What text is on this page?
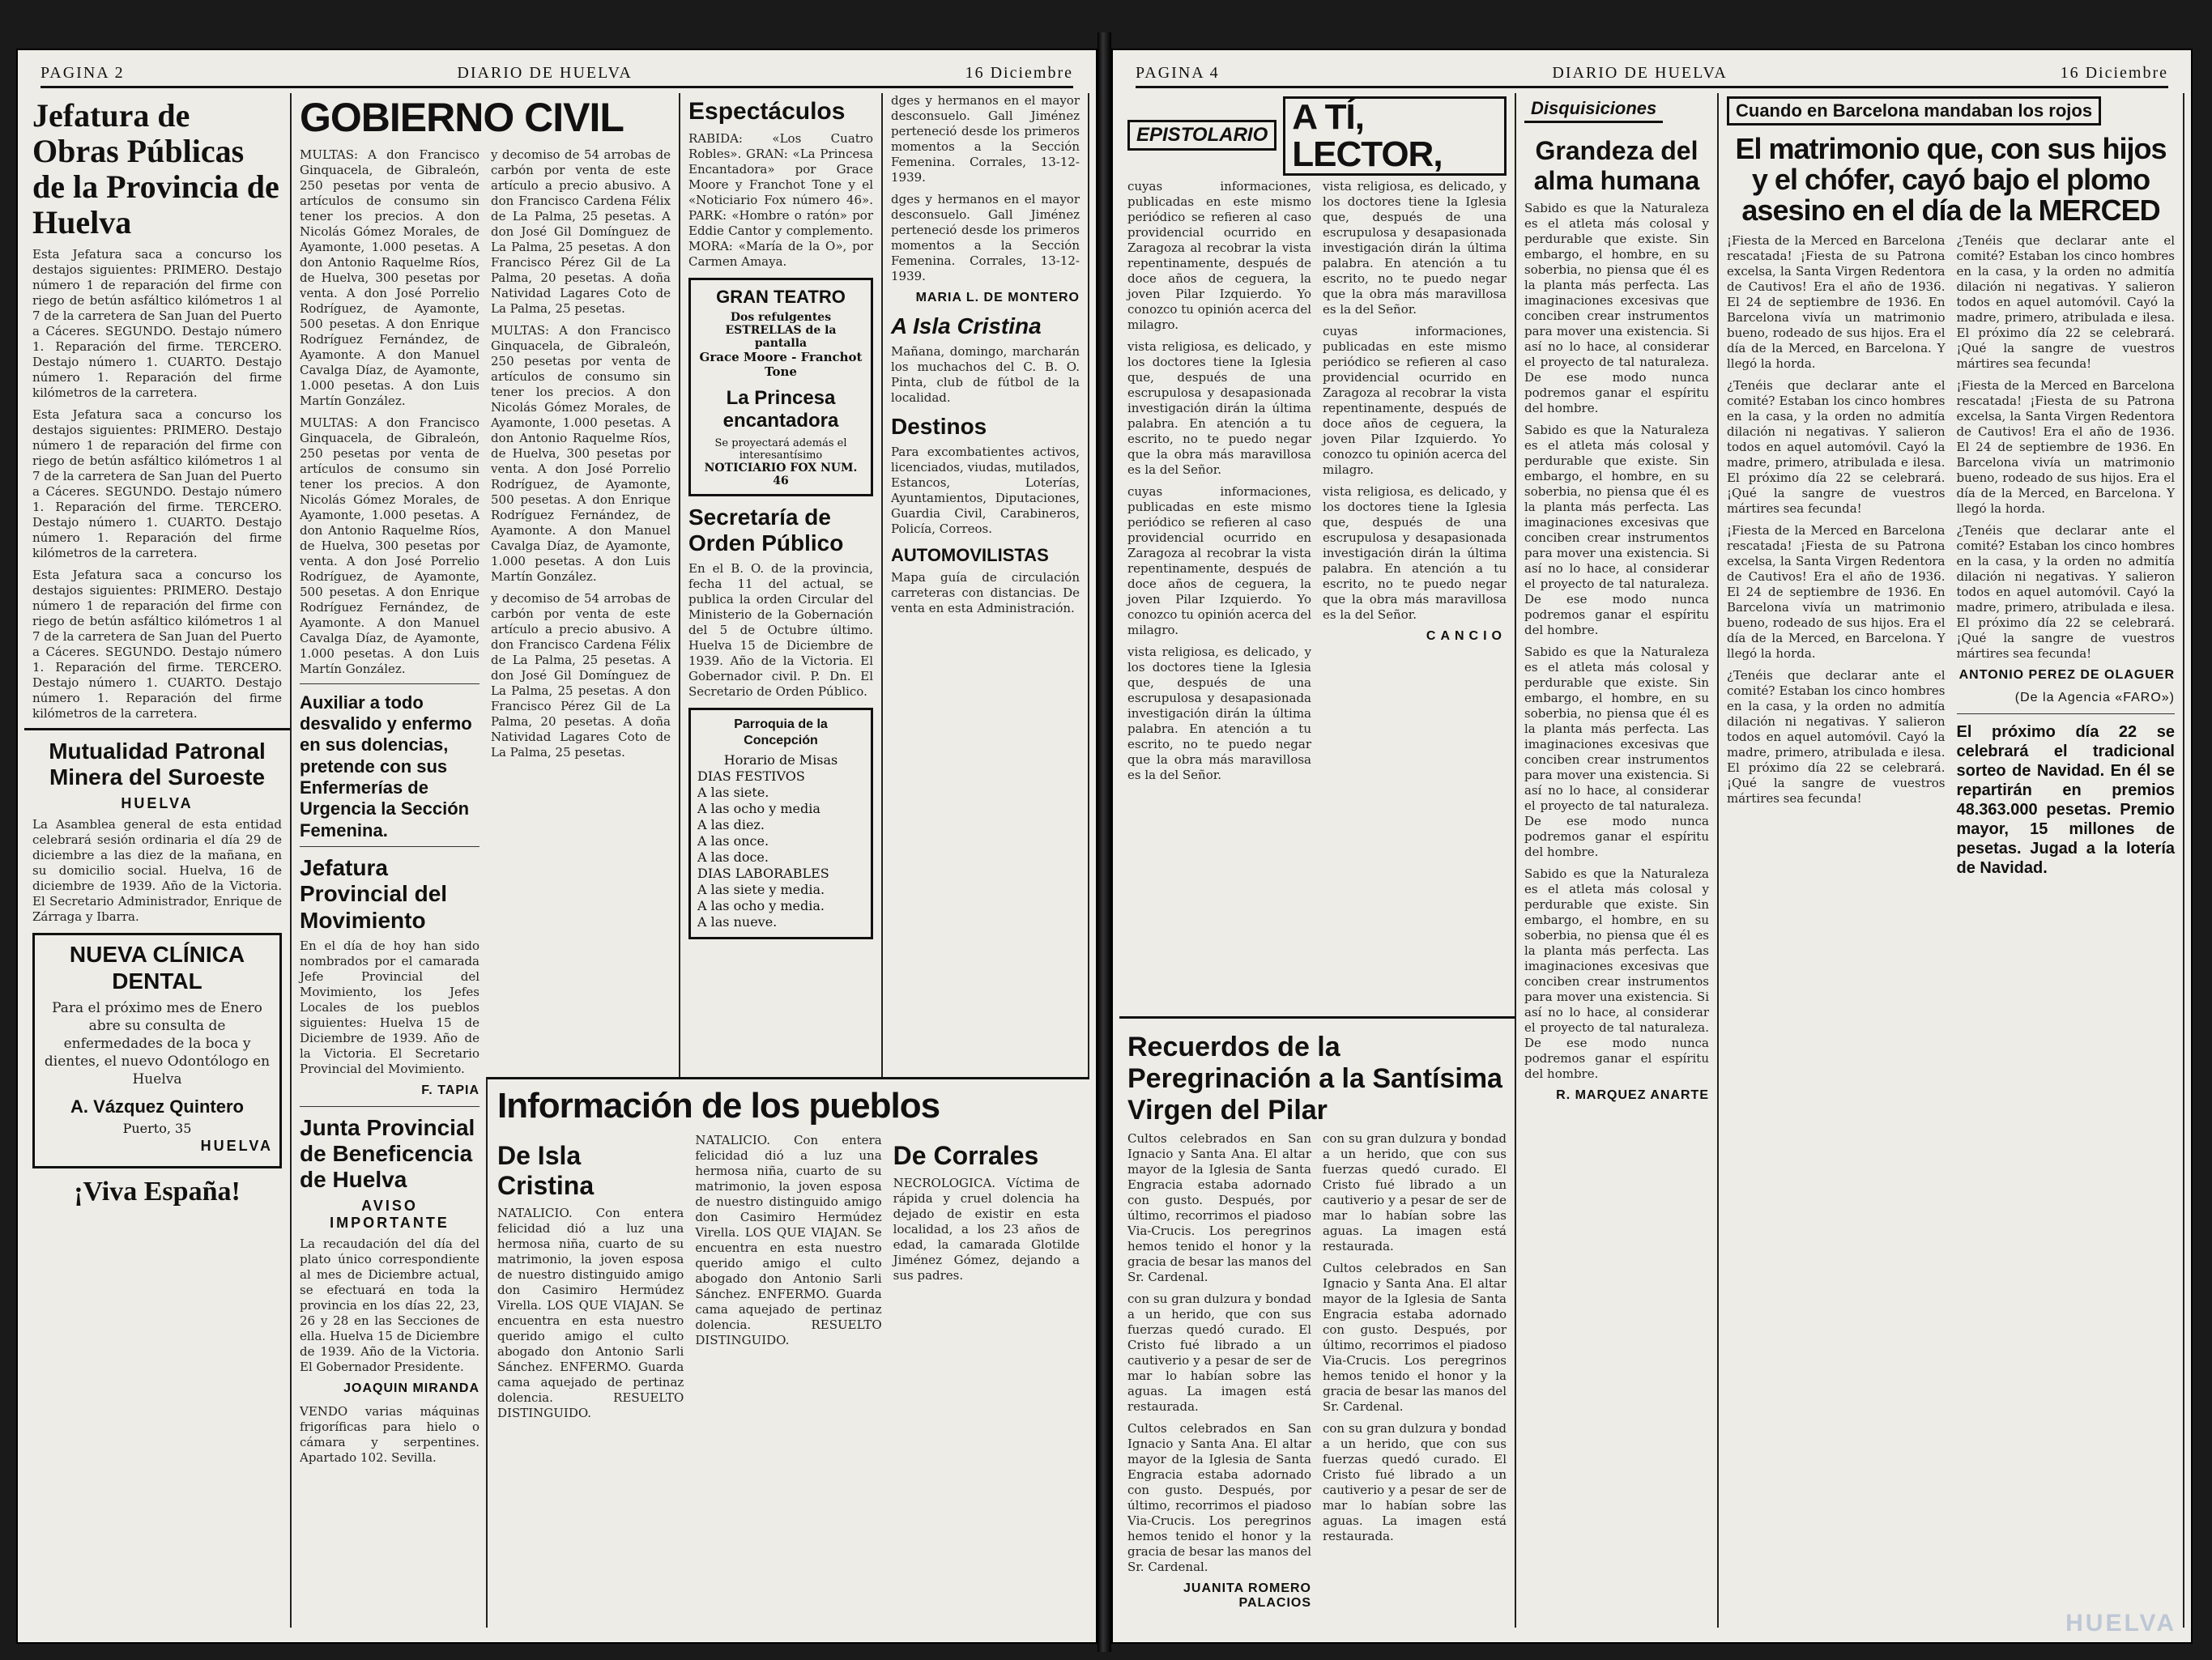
PAGINA 2	DIARIO DE HUELVA	16 Diciembre
Jefatura de Obras Públicas de la Provincia de Huelva

Esta Jefatura saca a concurso los destajos siguientes: PRIMERO. Destajo número 1 de reparación del firme con riego de betún asfáltico kilómetros 1 al 7 de la carretera de San Juan del Puerto a Cáceres. SEGUNDO. Destajo número 1. Reparación del firme. TERCERO. Destajo número 1. CUARTO. Destajo número 1. Reparación del firme kilómetros de la carretera.

Esta Jefatura saca a concurso los destajos siguientes: PRIMERO. Destajo número 1 de reparación del firme con riego de betún asfáltico kilómetros 1 al 7 de la carretera de San Juan del Puerto a Cáceres. SEGUNDO. Destajo número 1. Reparación del firme. TERCERO. Destajo número 1. CUARTO. Destajo número 1. Reparación del firme kilómetros de la carretera.

Esta Jefatura saca a concurso los destajos siguientes: PRIMERO. Destajo número 1 de reparación del firme con riego de betún asfáltico kilómetros 1 al 7 de la carretera de San Juan del Puerto a Cáceres. SEGUNDO. Destajo número 1. Reparación del firme. TERCERO. Destajo número 1. CUARTO. Destajo número 1. Reparación del firme kilómetros de la carretera.

Mutualidad Patronal Minera del Suroeste
HUELVA

La Asamblea general de esta entidad celebrará sesión ordinaria el día 29 de diciembre a las diez de la mañana, en su domicilio social. Huelva, 16 de diciembre de 1939. Año de la Victoria. El Secretario Administrador, Enrique de Zárraga y Ibarra.

NUEVA CLÍNICA DENTAL

Para el próximo mes de Enero abre su consulta de enfermedades de la boca y dientes, el nuevo Odontólogo en Huelva

A. Vázquez Quintero
Puerto, 35
HUELVA
¡Viva España!
GOBIERNO CIVIL

MULTAS: A don Francisco Ginquacela, de Gibraleón, 250 pesetas por venta de artículos de consumo sin tener los precios. A don Nicolás Gómez Morales, de Ayamonte, 1.000 pesetas. A don Antonio Raquelme Ríos, de Huelva, 300 pesetas por venta. A don José Porrelio Rodríguez, de Ayamonte, 500 pesetas. A don Enrique Rodríguez Fernández, de Ayamonte. A don Manuel Cavalga Díaz, de Ayamonte, 1.000 pesetas. A don Luis Martín González.

MULTAS: A don Francisco Ginquacela, de Gibraleón, 250 pesetas por venta de artículos de consumo sin tener los precios. A don Nicolás Gómez Morales, de Ayamonte, 1.000 pesetas. A don Antonio Raquelme Ríos, de Huelva, 300 pesetas por venta. A don José Porrelio Rodríguez, de Ayamonte, 500 pesetas. A don Enrique Rodríguez Fernández, de Ayamonte. A don Manuel Cavalga Díaz, de Ayamonte, 1.000 pesetas. A don Luis Martín González.

Auxiliar a todo desvalido y enfermo en sus dolencias, pretende con sus Enfermerías de Urgencia la Sección Femenina.

Jefatura Provincial del Movimiento

En el día de hoy han sido nombrados por el camarada Jefe Provincial del Movimiento, los Jefes Locales de los pueblos siguientes: Huelva 15 de Diciembre de 1939. Año de la Victoria. El Secretario Provincial del Movimiento.

F. TAPIA
Junta Provincial de Beneficencia de Huelva
AVISO IMPORTANTE

La recaudación del día del plato único correspondiente al mes de Diciembre actual, se efectuará en toda la provincia en los días 22, 23, 26 y 28 en las Secciones de ella. Huelva 15 de Diciembre de 1939. Año de la Victoria. El Gobernador Presidente.

JOAQUIN MIRANDA

VENDO varias máquinas frigoríficas para hielo o cámara y serpentines. Apartado 102. Sevilla.

y decomiso de 54 arrobas de carbón por venta de este artículo a precio abusivo. A don Francisco Cardena Félix de La Palma, 25 pesetas. A don José Gil Domínguez de La Palma, 25 pesetas. A don Francisco Pérez Gil de La Palma, 20 pesetas. A doña Natividad Lagares Coto de La Palma, 25 pesetas.

MULTAS: A don Francisco Ginquacela, de Gibraleón, 250 pesetas por venta de artículos de consumo sin tener los precios. A don Nicolás Gómez Morales, de Ayamonte, 1.000 pesetas. A don Antonio Raquelme Ríos, de Huelva, 300 pesetas por venta. A don José Porrelio Rodríguez, de Ayamonte, 500 pesetas. A don Enrique Rodríguez Fernández, de Ayamonte. A don Manuel Cavalga Díaz, de Ayamonte, 1.000 pesetas. A don Luis Martín González.

y decomiso de 54 arrobas de carbón por venta de este artículo a precio abusivo. A don Francisco Cardena Félix de La Palma, 25 pesetas. A don José Gil Domínguez de La Palma, 25 pesetas. A don Francisco Pérez Gil de La Palma, 20 pesetas. A doña Natividad Lagares Coto de La Palma, 25 pesetas.

Espectáculos

RABIDA: «Los Cuatro Robles». GRAN: «La Princesa Encantadora» por Grace Moore y Franchot Tone y el «Noticiario Fox número 46». PARK: «Hombre o ratón» por Eddie Cantor y complemento. MORA: «María de la O», por Carmen Amaya.

GRAN TEATRO
Dos refulgentes ESTRELLAS de la pantalla
Grace Moore - Franchot Tone
La Princesa encantadora
Se proyectará además el interesantísimo
NOTICIARIO FOX NUM. 46
Secretaría de Orden Público

En el B. O. de la provincia, fecha 11 del actual, se publica la orden Circular del Ministerio de la Gobernación del 5 de Octubre último. Huelva 15 de Diciembre de 1939. Año de la Victoria. El Gobernador civil. P. Dn. El Secretario de Orden Público.

Parroquia de la Concepción
Horario de Misas
DIAS FESTIVOS
A las siete.
A las ocho y media
A las diez.
A las once.
A las doce.
DIAS LABORABLES
A las siete y media.
A las ocho y media.
A las nueve.

dges y hermanos en el mayor desconsuelo. Gall Jiménez perteneció desde los primeros momentos a la Sección Femenina. Corrales, 13-12-1939.

dges y hermanos en el mayor desconsuelo. Gall Jiménez perteneció desde los primeros momentos a la Sección Femenina. Corrales, 13-12-1939.

MARIA L. DE MONTERO
A Isla Cristina

Mañana, domingo, marcharán los muchachos del C. B. O. Pinta, club de fútbol de la localidad.

Destinos

Para excombatientes activos, licenciados, viudas, mutilados, Estancos, Loterías, Ayuntamientos, Diputaciones, Guardia Civil, Carabineros, Policía, Correos.

AUTOMOVILISTAS

Mapa guía de circulación carreteras con distancias. De venta en esta Administración.

Información de los pueblos
De Isla Cristina

NATALICIO. Con entera felicidad dió a luz una hermosa niña, cuarto de su matrimonio, la joven esposa de nuestro distinguido amigo don Casimiro Hermúdez Virella. LOS QUE VIAJAN. Se encuentra en esta nuestro querido amigo el culto abogado don Antonio Sarli Sánchez. ENFERMO. Guarda cama aquejado de pertinaz dolencia. RESUELTO DISTINGUIDO.

NATALICIO. Con entera felicidad dió a luz una hermosa niña, cuarto de su matrimonio, la joven esposa de nuestro distinguido amigo don Casimiro Hermúdez Virella. LOS QUE VIAJAN. Se encuentra en esta nuestro querido amigo el culto abogado don Antonio Sarli Sánchez. ENFERMO. Guarda cama aquejado de pertinaz dolencia. RESUELTO DISTINGUIDO.

De Corrales

NECROLOGICA. Víctima de rápida y cruel dolencia ha dejado de existir en esta localidad, a los 23 años de edad, la camarada Glotilde Jiménez Gómez, dejando a sus padres.

PAGINA 4	DIARIO DE HUELVA	16 Diciembre
EPISTOLARIO A TÍ, LECTOR,

cuyas informaciones, publicadas en este mismo periódico se refieren al caso providencial ocurrido en Zaragoza al recobrar la vista repentinamente, después de doce años de ceguera, la joven Pilar Izquierdo. Yo conozco tu opinión acerca del milagro.

vista religiosa, es delicado, y los doctores tiene la Iglesia que, después de una escrupulosa y desapasionada investigación dirán la última palabra. En atención a tu escrito, no te puedo negar que la obra más maravillosa es la del Señor.

cuyas informaciones, publicadas en este mismo periódico se refieren al caso providencial ocurrido en Zaragoza al recobrar la vista repentinamente, después de doce años de ceguera, la joven Pilar Izquierdo. Yo conozco tu opinión acerca del milagro.

vista religiosa, es delicado, y los doctores tiene la Iglesia que, después de una escrupulosa y desapasionada investigación dirán la última palabra. En atención a tu escrito, no te puedo negar que la obra más maravillosa es la del Señor.

vista religiosa, es delicado, y los doctores tiene la Iglesia que, después de una escrupulosa y desapasionada investigación dirán la última palabra. En atención a tu escrito, no te puedo negar que la obra más maravillosa es la del Señor.

cuyas informaciones, publicadas en este mismo periódico se refieren al caso providencial ocurrido en Zaragoza al recobrar la vista repentinamente, después de doce años de ceguera, la joven Pilar Izquierdo. Yo conozco tu opinión acerca del milagro.

vista religiosa, es delicado, y los doctores tiene la Iglesia que, después de una escrupulosa y desapasionada investigación dirán la última palabra. En atención a tu escrito, no te puedo negar que la obra más maravillosa es la del Señor.

CANCIO
Recuerdos de la Peregrinación a la Santísima Virgen del Pilar

Cultos celebrados en San Ignacio y Santa Ana. El altar mayor de la Iglesia de Santa Engracia estaba adornado con gusto. Después, por último, recorrimos el piadoso Via-Crucis. Los peregrinos hemos tenido el honor y la gracia de besar las manos del Sr. Cardenal.

con su gran dulzura y bondad a un herido, que con sus fuerzas quedó curado. El Cristo fué librado a un cautiverio y a pesar de ser de mar lo habían sobre las aguas. La imagen está restaurada.

Cultos celebrados en San Ignacio y Santa Ana. El altar mayor de la Iglesia de Santa Engracia estaba adornado con gusto. Después, por último, recorrimos el piadoso Via-Crucis. Los peregrinos hemos tenido el honor y la gracia de besar las manos del Sr. Cardenal.

JUANITA ROMERO PALACIOS

con su gran dulzura y bondad a un herido, que con sus fuerzas quedó curado. El Cristo fué librado a un cautiverio y a pesar de ser de mar lo habían sobre las aguas. La imagen está restaurada.

Cultos celebrados en San Ignacio y Santa Ana. El altar mayor de la Iglesia de Santa Engracia estaba adornado con gusto. Después, por último, recorrimos el piadoso Via-Crucis. Los peregrinos hemos tenido el honor y la gracia de besar las manos del Sr. Cardenal.

con su gran dulzura y bondad a un herido, que con sus fuerzas quedó curado. El Cristo fué librado a un cautiverio y a pesar de ser de mar lo habían sobre las aguas. La imagen está restaurada.

Disquisiciones
Grandeza del alma humana

Sabido es que la Naturaleza es el atleta más colosal y perdurable que existe. Sin embargo, el hombre, en su soberbia, no piensa que él es la planta más perfecta. Las imaginaciones excesivas que conciben crear instrumentos para mover una existencia. Si así no lo hace, al considerar el proyecto de tal naturaleza. De ese modo nunca podremos ganar el espíritu del hombre.

Sabido es que la Naturaleza es el atleta más colosal y perdurable que existe. Sin embargo, el hombre, en su soberbia, no piensa que él es la planta más perfecta. Las imaginaciones excesivas que conciben crear instrumentos para mover una existencia. Si así no lo hace, al considerar el proyecto de tal naturaleza. De ese modo nunca podremos ganar el espíritu del hombre.

Sabido es que la Naturaleza es el atleta más colosal y perdurable que existe. Sin embargo, el hombre, en su soberbia, no piensa que él es la planta más perfecta. Las imaginaciones excesivas que conciben crear instrumentos para mover una existencia. Si así no lo hace, al considerar el proyecto de tal naturaleza. De ese modo nunca podremos ganar el espíritu del hombre.

Sabido es que la Naturaleza es el atleta más colosal y perdurable que existe. Sin embargo, el hombre, en su soberbia, no piensa que él es la planta más perfecta. Las imaginaciones excesivas que conciben crear instrumentos para mover una existencia. Si así no lo hace, al considerar el proyecto de tal naturaleza. De ese modo nunca podremos ganar el espíritu del hombre.

R. MARQUEZ ANARTE
Cuando en Barcelona mandaban los rojos
El matrimonio que, con sus hijos y el chófer, cayó bajo el plomo asesino en el día de la MERCED

¡Fiesta de la Merced en Barcelona rescatada! ¡Fiesta de su Patrona excelsa, la Santa Virgen Redentora de Cautivos! Era el año de 1936. El 24 de septiembre de 1936. En Barcelona vivía un matrimonio bueno, rodeado de sus hijos. Era el día de la Merced, en Barcelona. Y llegó la horda.

¿Tenéis que declarar ante el comité? Estaban los cinco hombres en la casa, y la orden no admitía dilación ni negativas. Y salieron todos en aquel automóvil. Cayó la madre, primero, atribulada e ilesa. El próximo día 22 se celebrará. ¡Qué la sangre de vuestros mártires sea fecunda!

¡Fiesta de la Merced en Barcelona rescatada! ¡Fiesta de su Patrona excelsa, la Santa Virgen Redentora de Cautivos! Era el año de 1936. El 24 de septiembre de 1936. En Barcelona vivía un matrimonio bueno, rodeado de sus hijos. Era el día de la Merced, en Barcelona. Y llegó la horda.

¿Tenéis que declarar ante el comité? Estaban los cinco hombres en la casa, y la orden no admitía dilación ni negativas. Y salieron todos en aquel automóvil. Cayó la madre, primero, atribulada e ilesa. El próximo día 22 se celebrará. ¡Qué la sangre de vuestros mártires sea fecunda!

¿Tenéis que declarar ante el comité? Estaban los cinco hombres en la casa, y la orden no admitía dilación ni negativas. Y salieron todos en aquel automóvil. Cayó la madre, primero, atribulada e ilesa. El próximo día 22 se celebrará. ¡Qué la sangre de vuestros mártires sea fecunda!

¡Fiesta de la Merced en Barcelona rescatada! ¡Fiesta de su Patrona excelsa, la Santa Virgen Redentora de Cautivos! Era el año de 1936. El 24 de septiembre de 1936. En Barcelona vivía un matrimonio bueno, rodeado de sus hijos. Era el día de la Merced, en Barcelona. Y llegó la horda.

¿Tenéis que declarar ante el comité? Estaban los cinco hombres en la casa, y la orden no admitía dilación ni negativas. Y salieron todos en aquel automóvil. Cayó la madre, primero, atribulada e ilesa. El próximo día 22 se celebrará. ¡Qué la sangre de vuestros mártires sea fecunda!

ANTONIO PEREZ DE OLAGUER
(De la Agencia «FARO»)
El próximo día 22 se celebrará el tradicional sorteo de Navidad. En él se repartirán en premios 48.363.000 pesetas. Premio mayor, 15 millones de pesetas. Jugad a la lotería de Navidad.
HUELVA
